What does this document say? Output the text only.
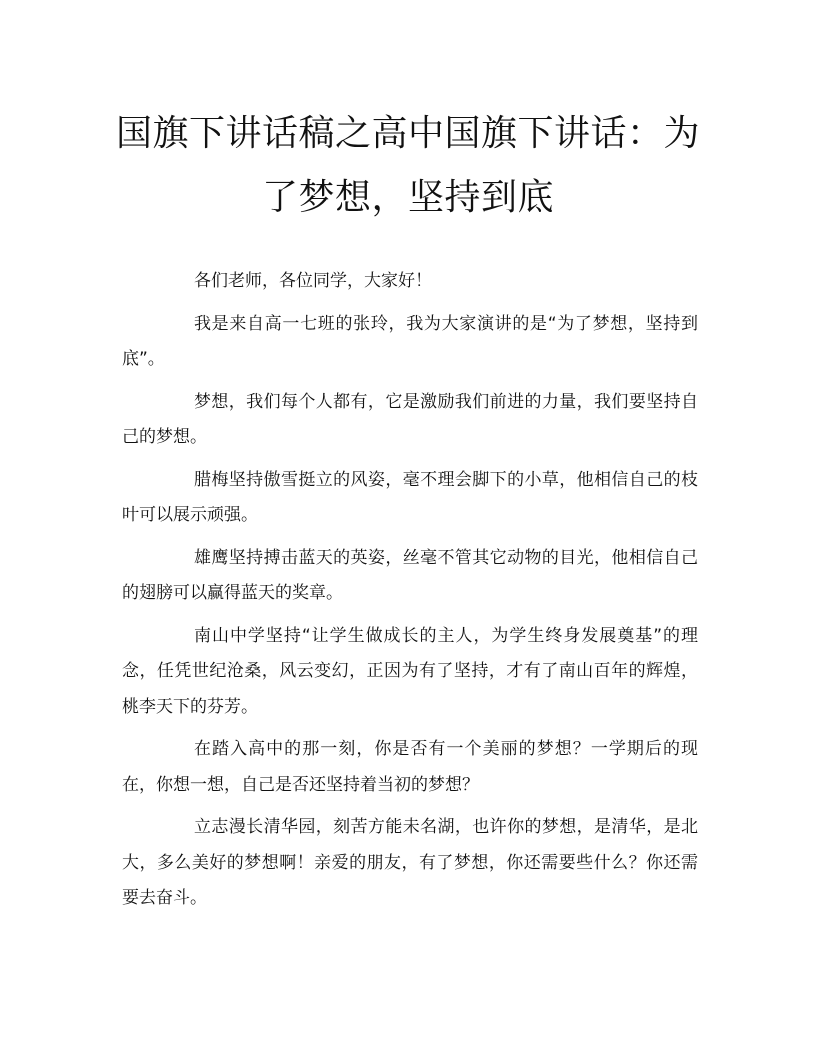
国旗下讲话稿之高中国旗下讲话：为了梦想，坚持到底

各们老师，各位同学，大家好！

我是来自高一七班的张玲，我为大家演讲的是“为了梦想，坚持到底”。

梦想，我们每个人都有，它是激励我们前进的力量，我们要坚持自己的梦想。

腊梅坚持傲雪挺立的风姿，毫不理会脚下的小草，他相信自己的枝叶可以展示顽强。

雄鹰坚持搏击蓝天的英姿，丝毫不管其它动物的目光，他相信自己的翅膀可以赢得蓝天的奖章。

南山中学坚持“让学生做成长的主人，为学生终身发展奠基”的理念，任凭世纪沧桑，风云变幻，正因为有了坚持，才有了南山百年的辉煌，桃李天下的芬芳。

在踏入高中的那一刻，你是否有一个美丽的梦想？一学期后的现在，你想一想，自己是否还坚持着当初的梦想？

立志漫长清华园，刻苦方能未名湖，也许你的梦想，是清华，是北大，多么美好的梦想啊！亲爱的朋友，有了梦想，你还需要些什么？你还需要去奋斗。
